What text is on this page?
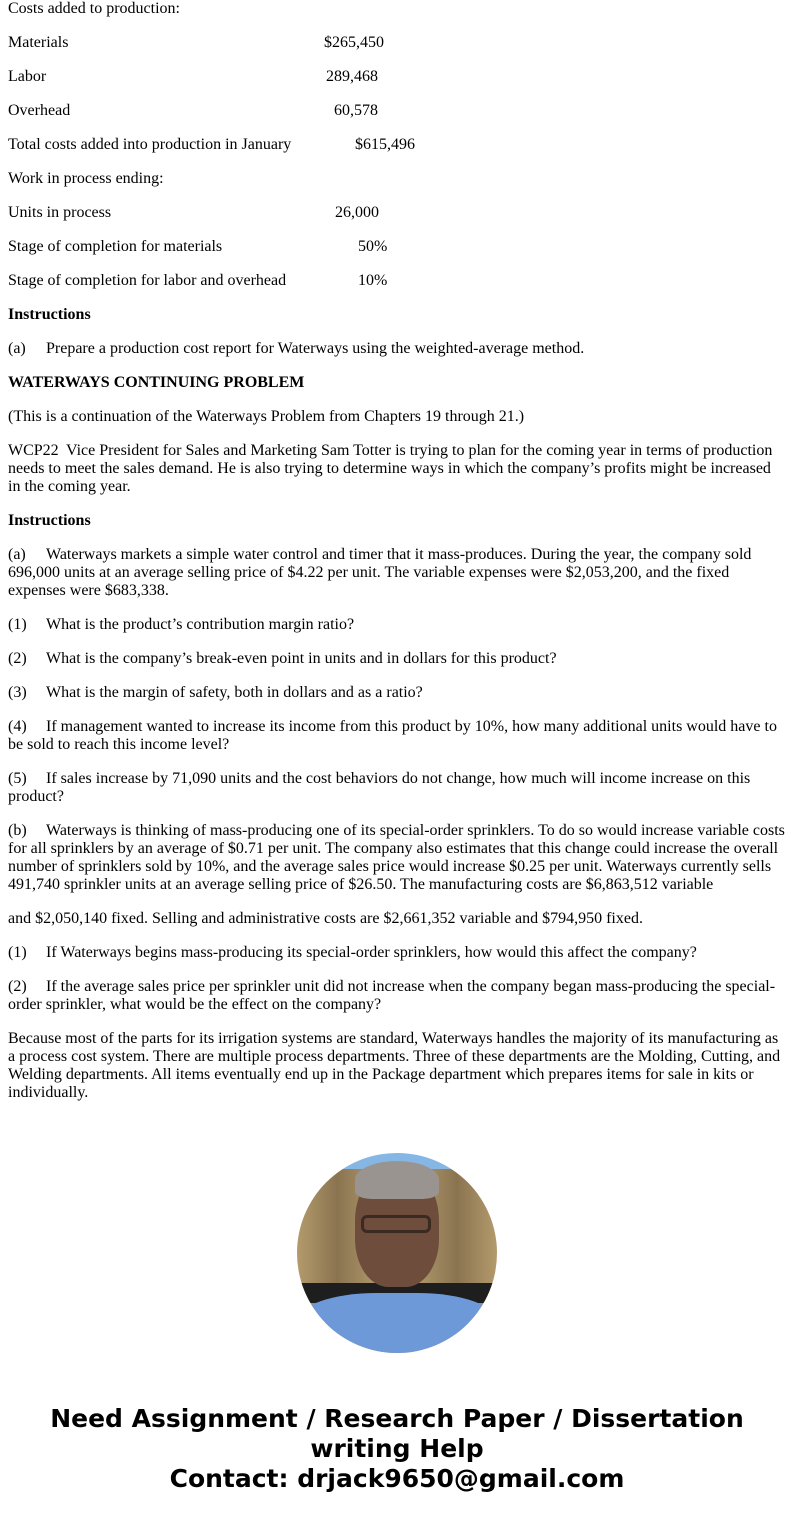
Costs added to production:

Materials	$265,450

Labor	289,468

Overhead	60,578

Total costs added into production in January	$615,496

Work in process ending:

Units in process	26,000

Stage of completion for materials	50%

Stage of completion for labor and overhead	10%

Instructions

(a) Prepare a production cost report for Waterways using the weighted-average method.

WATERWAYS CONTINUING PROBLEM

(This is a continuation of the Waterways Problem from Chapters 19 through 21.)

WCP22 Vice President for Sales and Marketing Sam Totter is trying to plan for the coming year in terms of production needs to meet the sales demand. He is also trying to determine ways in which the company’s profits might be increased in the coming year.

Instructions

(a) Waterways markets a simple water control and timer that it mass-produces. During the year, the company sold 696,000 units at an average selling price of $4.22 per unit. The variable expenses were $2,053,200, and the fixed expenses were $683,338.

(1) What is the product’s contribution margin ratio?

(2) What is the company’s break-even point in units and in dollars for this product?

(3) What is the margin of safety, both in dollars and as a ratio?

(4) If management wanted to increase its income from this product by 10%, how many additional units would have to be sold to reach this income level?

(5) If sales increase by 71,090 units and the cost behaviors do not change, how much will income increase on this product?

(b) Waterways is thinking of mass-producing one of its special-order sprinklers. To do so would increase variable costs for all sprinklers by an average of $0.71 per unit. The company also estimates that this change could increase the overall number of sprinklers sold by 10%, and the average sales price would increase $0.25 per unit. Waterways currently sells 491,740 sprinkler units at an average selling price of $26.50. The manufacturing costs are $6,863,512 variable

and $2,050,140 fixed. Selling and administrative costs are $2,661,352 variable and $794,950 fixed.

(1) If Waterways begins mass-producing its special-order sprinklers, how would this affect the company?

(2) If the average sales price per sprinkler unit did not increase when the company began mass-producing the special-order sprinkler, what would be the effect on the company?

Because most of the parts for its irrigation systems are standard, Waterways handles the majority of its manufacturing as a process cost system. There are multiple process departments. Three of these departments are the Molding, Cutting, and Welding departments. All items eventually end up in the Package department which prepares items for sale in kits or individually.

Need Assignment / Research Paper / Dissertation
writing Help
Contact: drjack9650@gmail.com
